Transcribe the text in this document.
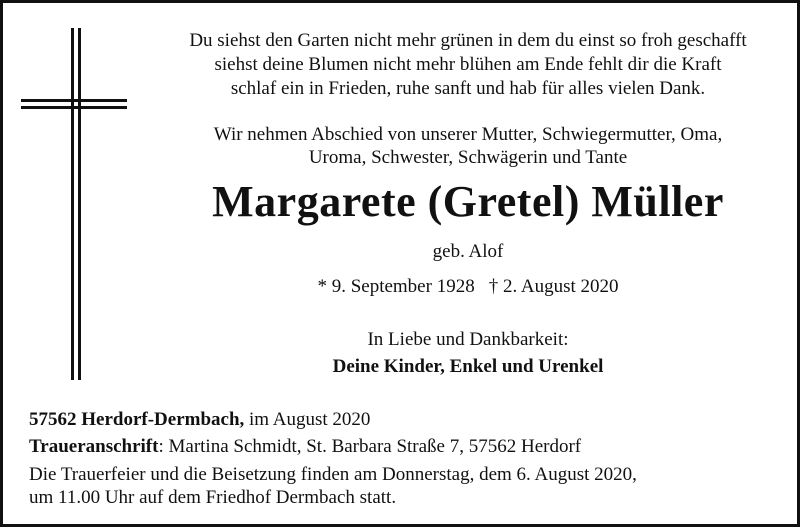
Du siehst den Garten nicht mehr grünen in dem du einst so froh geschafft
siehst deine Blumen nicht mehr blühen am Ende fehlt dir die Kraft
schlaf ein in Frieden, ruhe sanft und hab für alles vielen Dank.
Wir nehmen Abschied von unserer Mutter, Schwiegermutter, Oma,
Uroma, Schwester, Schwägerin und Tante
Margarete (Gretel) Müller
geb. Alof
* 9. September 1928 † 2. August 2020
In Liebe und Dankbarkeit:
Deine Kinder, Enkel und Urenkel
57562 Herdorf-Dermbach, im August 2020
Traueranschrift: Martina Schmidt, St. Barbara Straße 7, 57562 Herdorf
Die Trauerfeier und die Beisetzung finden am Donnerstag, dem 6. August 2020,
um 11.00 Uhr auf dem Friedhof Dermbach statt.
